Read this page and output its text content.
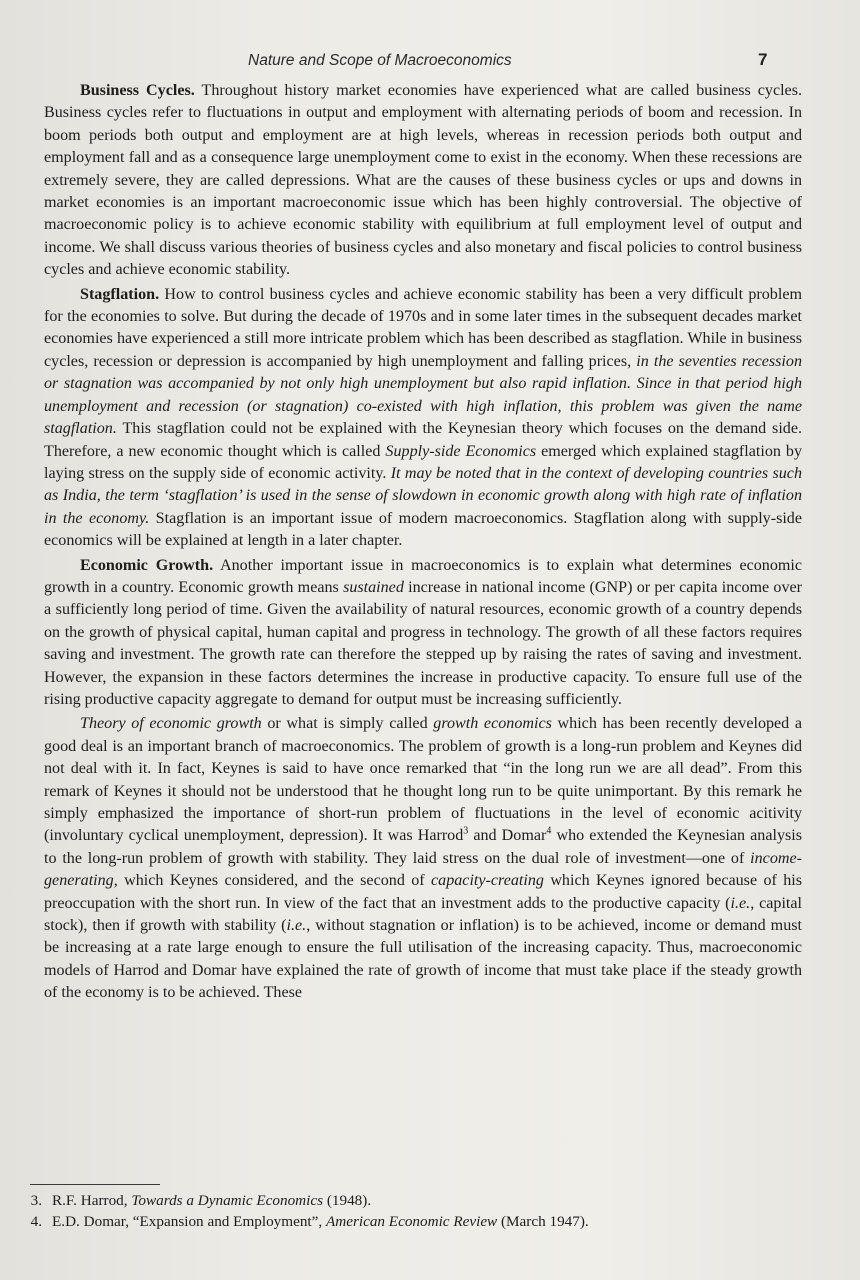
Nature and Scope of Macroeconomics	7

Business Cycles. Throughout history market economies have experienced what are called business cycles. Business cycles refer to fluctuations in output and employment with alternating periods of boom and recession. In boom periods both output and employment are at high levels, whereas in recession periods both output and employment fall and as a consequence large unemployment come to exist in the economy. When these recessions are extremely severe, they are called depressions. What are the causes of these business cycles or ups and downs in market economies is an important macroeconomic issue which has been highly controversial. The objective of macroeconomic policy is to achieve economic stability with equilibrium at full employment level of output and income. We shall discuss various theories of business cycles and also monetary and fiscal policies to control business cycles and achieve economic stability.

Stagflation. How to control business cycles and achieve economic stability has been a very difficult problem for the economies to solve. But during the decade of 1970s and in some later times in the subsequent decades market economies have experienced a still more intricate problem which has been described as stagflation. While in business cycles, recession or depression is accompanied by high unemployment and falling prices, in the seventies recession or stagnation was accompanied by not only high unemployment but also rapid inflation. Since in that period high unemployment and recession (or stagnation) co-existed with high inflation, this problem was given the name stagflation. This stagflation could not be explained with the Keynesian theory which focuses on the demand side. Therefore, a new economic thought which is called Supply-side Economics emerged which explained stagflation by laying stress on the supply side of economic activity. It may be noted that in the context of developing countries such as India, the term ‘stagflation’ is used in the sense of slowdown in economic growth along with high rate of inflation in the economy. Stagflation is an important issue of modern macroeconomics. Stagflation along with supply-side economics will be explained at length in a later chapter.

Economic Growth. Another important issue in macroeconomics is to explain what determines economic growth in a country. Economic growth means sustained increase in national income (GNP) or per capita income over a sufficiently long period of time. Given the availability of natural resources, economic growth of a country depends on the growth of physical capital, human capital and progress in technology. The growth of all these factors requires saving and investment. The growth rate can therefore the stepped up by raising the rates of saving and investment. However, the expansion in these factors determines the increase in productive capacity. To ensure full use of the rising productive capacity aggregate to demand for output must be increasing sufficiently.

Theory of economic growth or what is simply called growth economics which has been recently developed a good deal is an important branch of macroeconomics. The problem of growth is a long-run problem and Keynes did not deal with it. In fact, Keynes is said to have once remarked that “in the long run we are all dead”. From this remark of Keynes it should not be understood that he thought long run to be quite unimportant. By this remark he simply emphasized the importance of short-run problem of fluctuations in the level of economic acitivity (involuntary cyclical unemployment, depression). It was Harrod$^3$ and Domar$^4$ who extended the Keynesian analysis to the long-run problem of growth with stability. They laid stress on the dual role of investment—one of income-generating, which Keynes considered, and the second of capacity-creating which Keynes ignored because of his preoccupation with the short run. In view of the fact that an investment adds to the productive capacity (i.e., capital stock), then if growth with stability (i.e., without stagnation or inflation) is to be achieved, income or demand must be increasing at a rate large enough to ensure the full utilisation of the increasing capacity. Thus, macroeconomic models of Harrod and Domar have explained the rate of growth of income that must take place if the steady growth of the economy is to be achieved. These

3. R.F. Harrod, Towards a Dynamic Economics (1948).
4. E.D. Domar, “Expansion and Employment”, American Economic Review (March 1947).
